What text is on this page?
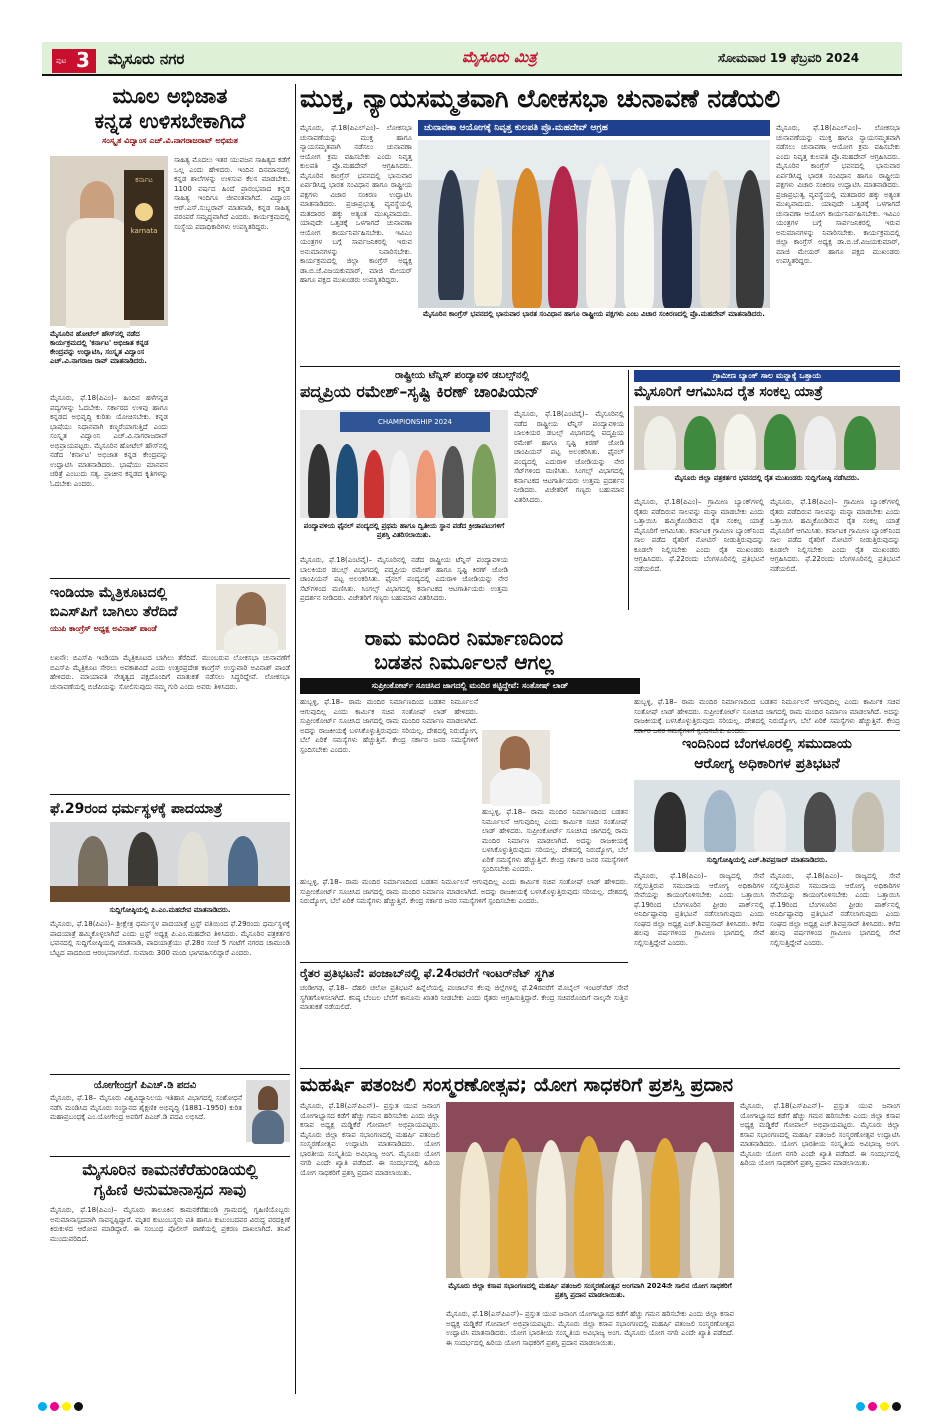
ಪುಟ 3 ಮೈಸೂರು ನಗರ	ಮೈಸೂರು ಮಿತ್ರ	ಸೋಮವಾರ 19 ಫೆಬ್ರವರಿ 2024
ಮೂಲ ಅಭಿಜಾತ
ಕನ್ನಡ ಉಳಿಸಬೇಕಾಗಿದೆ
ಸಂಸ್ಕೃತ ವಿದ್ವಾಂಸ ಎಚ್.ವಿ.ನಾಗರಾಜರಾವ್ ಅಭಿಮತ
ಕರ್ನಾಟ
karnata
ಮೈಸೂರಿನ ಹೋಟೆಲ್ ಹೌಸ್‌ನಲ್ಲಿ ನಡೆದ ಕಾರ್ಯಕ್ರಮದಲ್ಲಿ 'ಕರ್ನಾಟ' ಅಭಿಜಾತ ಕನ್ನಡ ಕೇಂದ್ರವನ್ನು ಉದ್ಘಾಟಿಸಿ, ಸಂಸ್ಕೃತ ವಿದ್ವಾಂಸ ಎಚ್.ವಿ.ನಾಗರಾಜ ರಾವ್ ಮಾತನಾಡಿದರು.
ಮೈಸೂರು, ಫೆ.18(ಪಿಎಂ)– ಹಿಂದಿನ ಹಳೆಗನ್ನಡ ಪದ್ಯಗಳನ್ನು ಓದಬೇಕು. ಸರ್ಕಾರದ ಉಳಿವು ಹಾಗೂ ಕನ್ನಡದ ಅಭಿವೃದ್ಧಿ ಕುರಿತು ಯೋಚಿಸಬೇಕು. ಕನ್ನಡ ಭಾಷೆಯು ನಿಧಾನವಾಗಿ ಕಣ್ಮರೆಯಾಗುತ್ತಿದೆ ಎಂದು ಸಂಸ್ಕೃತ ವಿದ್ವಾಂಸ ಎಚ್.ವಿ.ನಾಗರಾಜರಾವ್ ಅಭಿಪ್ರಾಯಪಟ್ಟರು. ಮೈಸೂರಿನ ಹೋಟೆಲ್ ಹೌಸ್‌ನಲ್ಲಿ ನಡೆದ 'ಕರ್ನಾಟ' ಅಭಿಜಾತ ಕನ್ನಡ ಕೇಂದ್ರವನ್ನು ಉದ್ಘಾಟಿಸಿ ಮಾತನಾಡಿದರು. ಭಾಷೆಯು ಮಾನವನ ಚರಿತ್ರೆ ಎಂಬುದು ಸತ್ಯ. ಪ್ರಾಚೀನ ಕನ್ನಡದ ಕೃತಿಗಳನ್ನು ಓದಬೇಕು ಎಂದರು.
ಸಾಹಿತ್ಯ ಮೊದಲು ಇತರ ಯುವಜನ ಸಾಹಿತ್ಯದ ಕಡೆಗೆ ಒಲ್ಲ ಎಂದು ಹೇಳಿದರು. ಇಂದಿನ ದಿನಮಾನದಲ್ಲಿ ಕನ್ನಡ ಶಾಲೆಗಳನ್ನು ಉಳಿಸುವ ಕೆಲಸ ಮಾಡಬೇಕು. 1100 ವರ್ಷದ ಹಿಂದೆ ಪ್ರಾರಂಭವಾದ ಕನ್ನಡ ಸಾಹಿತ್ಯ ಇಂದಿಗೂ ಜೀವಂತವಾಗಿದೆ. ವಿದ್ವಾಂಸ ಆರ್.ಎಸ್.ಸುಬ್ಬರಾವ್ ಮಾತನಾಡಿ, ಕನ್ನಡ ಸಾಹಿತ್ಯ ಪರಂಪರೆ ಸಮೃದ್ಧವಾಗಿದೆ ಎಂದರು. ಕಾರ್ಯಕ್ರಮದಲ್ಲಿ ಸಂಸ್ಥೆಯ ಪದಾಧಿಕಾರಿಗಳು ಉಪಸ್ಥಿತರಿದ್ದರು.
ಇಂಡಿಯಾ ಮೈತ್ರಿಕೂಟದಲ್ಲಿ
ಬಿಎಸ್‌ಪಿಗೆ ಬಾಗಿಲು ತೆರೆದಿದೆ
ಯುಪಿ ಕಾಂಗ್ರೆಸ್ ಅಧ್ಯಕ್ಷ ಅವಿನಾಶ್ ಪಾಂಡೆ
ಲಖನೌ: ಬಿಎಸ್‌ಪಿ ಇಂಡಿಯಾ ಮೈತ್ರಿಕೂಟದ ಬಾಗಿಲು ತೆರೆದಿದೆ. ಮುಂಬರುವ ಲೋಕಸಭಾ ಚುನಾವಣೆಗೆ ಬಿಎಸ್‌ಪಿ ಮೈತ್ರಿಕೂಟ ಸೇರಲು ಅವಕಾಶವಿದೆ ಎಂದು ಉತ್ತರಪ್ರದೇಶ ಕಾಂಗ್ರೆಸ್ ಉಸ್ತುವಾರಿ ಅವಿನಾಶ್ ಪಾಂಡೆ ಹೇಳಿದರು. ಮಾಯಾವತಿ ನೇತೃತ್ವದ ಪಕ್ಷದೊಂದಿಗೆ ಮಾತುಕತೆ ನಡೆಸಲು ಸಿದ್ಧರಿದ್ದೇವೆ. ಲೋಕಸಭಾ ಚುನಾವಣೆಯಲ್ಲಿ ಬಿಜೆಪಿಯನ್ನು ಸೋಲಿಸುವುದು ನಮ್ಮ ಗುರಿ ಎಂದು ಅವರು ತಿಳಿಸಿದರು.
ಫೆ.29ರಂದ ಧರ್ಮಸ್ಥಳಕ್ಕೆ ಪಾದಯಾತ್ರೆ
ಸುದ್ದಿಗೋಷ್ಠಿಯಲ್ಲಿ ಪಿ.ಎಂ.ಮಹದೇವ ಮಾತನಾಡಿದರು.
ಮೈಸೂರು, ಫೆ.18(ಪಿಎಂ)– ಶ್ರೀಕ್ಷೇತ್ರ ಧರ್ಮಸ್ಥಳ ಪಾದಯಾತ್ರೆ ಟ್ರಸ್ಟ್ ವತಿಯಿಂದ ಫೆ.29ರಂದು ಧರ್ಮಸ್ಥಳಕ್ಕೆ ಪಾದಯಾತ್ರೆ ಹಮ್ಮಿಕೊಳ್ಳಲಾಗಿದೆ ಎಂದು ಟ್ರಸ್ಟ್ ಅಧ್ಯಕ್ಷ ಪಿ.ಎಂ.ಮಹದೇವ ತಿಳಿಸಿದರು. ಮೈಸೂರಿನ ಪತ್ರಕರ್ತರ ಭವನದಲ್ಲಿ ಸುದ್ದಿಗೋಷ್ಠಿಯಲ್ಲಿ ಮಾತನಾಡಿ, ಪಾದಯಾತ್ರೆಯು ಫೆ.28ರ ಸಂಜೆ 5 ಗಂಟೆಗೆ ನಗರದ ಚಾಮುಂಡಿ ಬೆಟ್ಟದ ಪಾದದಿಂದ ಆರಂಭವಾಗಲಿದೆ. ಸುಮಾರು 300 ಮಂದಿ ಭಾಗವಹಿಸಲಿದ್ದಾರೆ ಎಂದರು.
ಯೋಗೇಂದ್ರಗೆ ಪಿಎಚ್.ಡಿ ಪದವಿ
ಮೈಸೂರು, ಫೆ.18– ಮೈಸೂರು ವಿಶ್ವವಿದ್ಯಾನಿಲಯ ಇತಿಹಾಸ ವಿಭಾಗದಲ್ಲಿ ಸಂಶೋಧನೆ ನಡೆಸಿ ಮಂಡಿಸಿದ ಮೈಸೂರು ಸಂಸ್ಥಾನದ ಶೈಕ್ಷಣಿಕ ಅಭಿವೃದ್ಧಿ (1881–1950) ಕುರಿತ ಮಹಾಪ್ರಬಂಧಕ್ಕೆ ಎಂ.ಯೋಗೇಂದ್ರ ಅವರಿಗೆ ಪಿಎಚ್.ಡಿ ಪದವಿ ಲಭಿಸಿದೆ.
ಮೈಸೂರಿನ ಕಾಮನಕೆರೆಹುಂಡಿಯಲ್ಲಿ
ಗೃಹಿಣಿ ಅನುಮಾನಾಸ್ಪದ ಸಾವು
ಮೈಸೂರು, ಫೆ.18(ಪಿಎಂ)– ಮೈಸೂರು ತಾಲೂಕಿನ ಕಾಮನಕೆರೆಹುಂಡಿ ಗ್ರಾಮದಲ್ಲಿ ಗೃಹಿಣಿಯೊಬ್ಬರು ಅನುಮಾನಾಸ್ಪದವಾಗಿ ಸಾವನ್ನಪ್ಪಿದ್ದಾರೆ. ಮೃತರ ಕುಟುಂಬಸ್ಥರು ಪತಿ ಹಾಗೂ ಕುಟುಂಬದವರ ವಿರುದ್ಧ ವರದಕ್ಷಿಣೆ ಕಿರುಕುಳದ ಆರೋಪ ಮಾಡಿದ್ದಾರೆ. ಈ ಸಂಬಂಧ ಪೊಲೀಸ್ ಠಾಣೆಯಲ್ಲಿ ಪ್ರಕರಣ ದಾಖಲಾಗಿದೆ. ತನಿಖೆ ಮುಂದುವರಿದಿದೆ.
ಮುಕ್ತ, ನ್ಯಾಯಸಮ್ಮತವಾಗಿ ಲೋಕಸಭಾ ಚುನಾವಣೆ ನಡೆಯಲಿ
ಚುನಾವಣಾ ಆಯೋಗಕ್ಕೆ ನಿವೃತ್ತ ಕುಲಪತಿ ಪ್ರೊ.ಮಹದೇವ್ ಆಗ್ರಹ
ಮೈಸೂರು, ಫೆ.18(ಪಿಎಲ್‌ಎಂ)– ಲೋಕಸಭಾ ಚುನಾವಣೆಯನ್ನು ಮುಕ್ತ ಹಾಗೂ ನ್ಯಾಯಸಮ್ಮತವಾಗಿ ನಡೆಸಲು ಚುನಾವಣಾ ಆಯೋಗ ಕ್ರಮ ವಹಿಸಬೇಕು ಎಂದು ನಿವೃತ್ತ ಕುಲಪತಿ ಪ್ರೊ.ಮಹದೇವ್ ಆಗ್ರಹಿಸಿದರು. ಮೈಸೂರಿನ ಕಾಂಗ್ರೆಸ್ ಭವನದಲ್ಲಿ ಭಾನುವಾರ ಏರ್ಪಡಿಸಿದ್ದ ಭಾರತ ಸಂವಿಧಾನ ಹಾಗೂ ರಾಷ್ಟ್ರೀಯ ಪಕ್ಷಗಳು ವಿಚಾರ ಸಂಕಿರಣ ಉದ್ಘಾಟಿಸಿ ಮಾತನಾಡಿದರು. ಪ್ರಜಾಪ್ರಭುತ್ವ ವ್ಯವಸ್ಥೆಯಲ್ಲಿ ಮತದಾರರ ಹಕ್ಕು ಅತ್ಯಂತ ಮುಖ್ಯವಾದುದು. ಯಾವುದೇ ಒತ್ತಡಕ್ಕೆ ಒಳಗಾಗದೆ ಚುನಾವಣಾ ಆಯೋಗ ಕಾರ್ಯನಿರ್ವಹಿಸಬೇಕು. ಇವಿಎಂ ಯಂತ್ರಗಳ ಬಗ್ಗೆ ಸಾರ್ವಜನಿಕರಲ್ಲಿ ಇರುವ ಅನುಮಾನಗಳನ್ನು ನಿವಾರಿಸಬೇಕು. ಕಾರ್ಯಕ್ರಮದಲ್ಲಿ ಜಿಲ್ಲಾ ಕಾಂಗ್ರೆಸ್ ಅಧ್ಯಕ್ಷ ಡಾ.ಬಿ.ಜೆ.ವಿಜಯಕುಮಾರ್, ಮಾಜಿ ಮೇಯರ್ ಹಾಗೂ ಪಕ್ಷದ ಮುಖಂಡರು ಉಪಸ್ಥಿತರಿದ್ದರು.
ಮೈಸೂರಿನ ಕಾಂಗ್ರೆಸ್ ಭವನದಲ್ಲಿ ಭಾನುವಾರ ಭಾರತ ಸಂವಿಧಾನ ಹಾಗೂ ರಾಷ್ಟ್ರೀಯ ಪಕ್ಷಗಳು ಎಂಬ ವಿಚಾರ ಸಂಕಿರಣದಲ್ಲಿ ಪ್ರೊ.ಮಹದೇವ್ ಮಾತನಾಡಿದರು.
ಮೈಸೂರು, ಫೆ.18(ಪಿಎಲ್‌ಎಂ)– ಲೋಕಸಭಾ ಚುನಾವಣೆಯನ್ನು ಮುಕ್ತ ಹಾಗೂ ನ್ಯಾಯಸಮ್ಮತವಾಗಿ ನಡೆಸಲು ಚುನಾವಣಾ ಆಯೋಗ ಕ್ರಮ ವಹಿಸಬೇಕು ಎಂದು ನಿವೃತ್ತ ಕುಲಪತಿ ಪ್ರೊ.ಮಹದೇವ್ ಆಗ್ರಹಿಸಿದರು. ಮೈಸೂರಿನ ಕಾಂಗ್ರೆಸ್ ಭವನದಲ್ಲಿ ಭಾನುವಾರ ಏರ್ಪಡಿಸಿದ್ದ ಭಾರತ ಸಂವಿಧಾನ ಹಾಗೂ ರಾಷ್ಟ್ರೀಯ ಪಕ್ಷಗಳು ವಿಚಾರ ಸಂಕಿರಣ ಉದ್ಘಾಟಿಸಿ ಮಾತನಾಡಿದರು. ಪ್ರಜಾಪ್ರಭುತ್ವ ವ್ಯವಸ್ಥೆಯಲ್ಲಿ ಮತದಾರರ ಹಕ್ಕು ಅತ್ಯಂತ ಮುಖ್ಯವಾದುದು. ಯಾವುದೇ ಒತ್ತಡಕ್ಕೆ ಒಳಗಾಗದೆ ಚುನಾವಣಾ ಆಯೋಗ ಕಾರ್ಯನಿರ್ವಹಿಸಬೇಕು. ಇವಿಎಂ ಯಂತ್ರಗಳ ಬಗ್ಗೆ ಸಾರ್ವಜನಿಕರಲ್ಲಿ ಇರುವ ಅನುಮಾನಗಳನ್ನು ನಿವಾರಿಸಬೇಕು. ಕಾರ್ಯಕ್ರಮದಲ್ಲಿ ಜಿಲ್ಲಾ ಕಾಂಗ್ರೆಸ್ ಅಧ್ಯಕ್ಷ ಡಾ.ಬಿ.ಜೆ.ವಿಜಯಕುಮಾರ್, ಮಾಜಿ ಮೇಯರ್ ಹಾಗೂ ಪಕ್ಷದ ಮುಖಂಡರು ಉಪಸ್ಥಿತರಿದ್ದರು.
ರಾಷ್ಟ್ರೀಯ ಟೆನ್ನಿಸ್ ಪಂದ್ಯಾವಳಿ ಡಬಲ್ಸ್‌ನಲ್ಲಿ
ಪದ್ಮಪ್ರಿಯ ರಮೇಶ್–ಸೃಷ್ಟಿ ಕಿರಣ್ ಚಾಂಪಿಯನ್
CHAMPIONSHIP 2024
ಪಂದ್ಯಾವಳಿಯ ಫೈನಲ್ ಪಂದ್ಯದಲ್ಲಿ ಪ್ರಥಮ ಹಾಗೂ ದ್ವಿತೀಯ ಸ್ಥಾನ ಪಡೆದ ಕ್ರೀಡಾಪಟುಗಳಿಗೆ ಪ್ರಶಸ್ತಿ ವಿತರಿಸಲಾಯಿತು.
ಮೈಸೂರು, ಫೆ.18(ಎಂಟಿವೈ)– ಮೈಸೂರಿನಲ್ಲಿ ನಡೆದ ರಾಷ್ಟ್ರೀಯ ಟೆನ್ನಿಸ್ ಪಂದ್ಯಾವಳಿಯ ಬಾಲಕಿಯರ ಡಬಲ್ಸ್ ವಿಭಾಗದಲ್ಲಿ ಪದ್ಮಪ್ರಿಯ ರಮೇಶ್ ಹಾಗೂ ಸೃಷ್ಟಿ ಕಿರಣ್ ಜೋಡಿ ಚಾಂಪಿಯನ್ ಪಟ್ಟ ಅಲಂಕರಿಸಿತು. ಫೈನಲ್ ಪಂದ್ಯದಲ್ಲಿ ಎದುರಾಳಿ ಜೋಡಿಯನ್ನು ನೇರ ಸೆಟ್‌ಗಳಿಂದ ಮಣಿಸಿತು. ಸಿಂಗಲ್ಸ್ ವಿಭಾಗದಲ್ಲಿ ಕರ್ನಾಟಕದ ಆಟಗಾರ್ತಿಯರು ಉತ್ತಮ ಪ್ರದರ್ಶನ ನೀಡಿದರು. ವಿಜೇತರಿಗೆ ಗಣ್ಯರು ಬಹುಮಾನ ವಿತರಿಸಿದರು.
ಮೈಸೂರು, ಫೆ.18(ಎಂಟಿವೈ)– ಮೈಸೂರಿನಲ್ಲಿ ನಡೆದ ರಾಷ್ಟ್ರೀಯ ಟೆನ್ನಿಸ್ ಪಂದ್ಯಾವಳಿಯ ಬಾಲಕಿಯರ ಡಬಲ್ಸ್ ವಿಭಾಗದಲ್ಲಿ ಪದ್ಮಪ್ರಿಯ ರಮೇಶ್ ಹಾಗೂ ಸೃಷ್ಟಿ ಕಿರಣ್ ಜೋಡಿ ಚಾಂಪಿಯನ್ ಪಟ್ಟ ಅಲಂಕರಿಸಿತು. ಫೈನಲ್ ಪಂದ್ಯದಲ್ಲಿ ಎದುರಾಳಿ ಜೋಡಿಯನ್ನು ನೇರ ಸೆಟ್‌ಗಳಿಂದ ಮಣಿಸಿತು. ಸಿಂಗಲ್ಸ್ ವಿಭಾಗದಲ್ಲಿ ಕರ್ನಾಟಕದ ಆಟಗಾರ್ತಿಯರು ಉತ್ತಮ ಪ್ರದರ್ಶನ ನೀಡಿದರು. ವಿಜೇತರಿಗೆ ಗಣ್ಯರು ಬಹುಮಾನ ವಿತರಿಸಿದರು.
ಗ್ರಾಮೀಣ ಬ್ಯಾಂಕ್ ಸಾಲ ಮನ್ನಾಕ್ಕೆ ಒತ್ತಾಯ
ಮೈಸೂರಿಗೆ ಆಗಮಿಸಿದ ರೈತ ಸಂಕಲ್ಪ ಯಾತ್ರೆ
ಮೈಸೂರು ಜಿಲ್ಲಾ ಪತ್ರಕರ್ತರ ಭವನದಲ್ಲಿ ರೈತ ಮುಖಂಡರು ಸುದ್ದಿಗೋಷ್ಠಿ ನಡೆಸಿದರು.
ಮೈಸೂರು, ಫೆ.18(ಪಿಎಂ)– ಗ್ರಾಮೀಣ ಬ್ಯಾಂಕ್‌ಗಳಲ್ಲಿ ರೈತರು ಪಡೆದಿರುವ ಸಾಲವನ್ನು ಮನ್ನಾ ಮಾಡಬೇಕು ಎಂದು ಒತ್ತಾಯಿಸಿ ಹಮ್ಮಿಕೊಂಡಿರುವ ರೈತ ಸಂಕಲ್ಪ ಯಾತ್ರೆ ಮೈಸೂರಿಗೆ ಆಗಮಿಸಿತು. ಕರ್ನಾಟಕ ಗ್ರಾಮೀಣ ಬ್ಯಾಂಕ್‌ನಿಂದ ಸಾಲ ಪಡೆದ ರೈತರಿಗೆ ನೋಟಿಸ್ ನೀಡುತ್ತಿರುವುದನ್ನು ಕೂಡಲೇ ನಿಲ್ಲಿಸಬೇಕು ಎಂದು ರೈತ ಮುಖಂಡರು ಆಗ್ರಹಿಸಿದರು. ಫೆ.22ರಂದು ಬೆಂಗಳೂರಿನಲ್ಲಿ ಪ್ರತಿಭಟನೆ ನಡೆಯಲಿದೆ.
ಮೈಸೂರು, ಫೆ.18(ಪಿಎಂ)– ಗ್ರಾಮೀಣ ಬ್ಯಾಂಕ್‌ಗಳಲ್ಲಿ ರೈತರು ಪಡೆದಿರುವ ಸಾಲವನ್ನು ಮನ್ನಾ ಮಾಡಬೇಕು ಎಂದು ಒತ್ತಾಯಿಸಿ ಹಮ್ಮಿಕೊಂಡಿರುವ ರೈತ ಸಂಕಲ್ಪ ಯಾತ್ರೆ ಮೈಸೂರಿಗೆ ಆಗಮಿಸಿತು. ಕರ್ನಾಟಕ ಗ್ರಾಮೀಣ ಬ್ಯಾಂಕ್‌ನಿಂದ ಸಾಲ ಪಡೆದ ರೈತರಿಗೆ ನೋಟಿಸ್ ನೀಡುತ್ತಿರುವುದನ್ನು ಕೂಡಲೇ ನಿಲ್ಲಿಸಬೇಕು ಎಂದು ರೈತ ಮುಖಂಡರು ಆಗ್ರಹಿಸಿದರು. ಫೆ.22ರಂದು ಬೆಂಗಳೂರಿನಲ್ಲಿ ಪ್ರತಿಭಟನೆ ನಡೆಯಲಿದೆ.
ರಾಮ ಮಂದಿರ ನಿರ್ಮಾಣದಿಂದ
ಬಡತನ ನಿರ್ಮೂಲನೆ ಆಗಲ್ಲ
ಸುಪ್ರೀಂಕೋರ್ಟ್ ಸೂಚಿಸಿದ ಜಾಗದಲ್ಲಿ ಮಂದಿರ ಕಟ್ಟಿದ್ದೇವೆ: ಸಂತೋಷ್ ಲಾಡ್
ಹುಬ್ಬಳ್ಳಿ, ಫೆ.18– ರಾಮ ಮಂದಿರ ನಿರ್ಮಾಣದಿಂದ ಬಡತನ ನಿರ್ಮೂಲನೆ ಆಗುವುದಿಲ್ಲ ಎಂದು ಕಾರ್ಮಿಕ ಸಚಿವ ಸಂತೋಷ್ ಲಾಡ್ ಹೇಳಿದರು. ಸುಪ್ರೀಂಕೋರ್ಟ್ ಸೂಚಿಸಿದ ಜಾಗದಲ್ಲಿ ರಾಮ ಮಂದಿರ ನಿರ್ಮಾಣ ಮಾಡಲಾಗಿದೆ. ಅದನ್ನು ರಾಜಕೀಯಕ್ಕೆ ಬಳಸಿಕೊಳ್ಳುತ್ತಿರುವುದು ಸರಿಯಲ್ಲ. ದೇಶದಲ್ಲಿ ನಿರುದ್ಯೋಗ, ಬೆಲೆ ಏರಿಕೆ ಸಮಸ್ಯೆಗಳು ಹೆಚ್ಚುತ್ತಿವೆ. ಕೇಂದ್ರ ಸರ್ಕಾರ ಜನರ ಸಮಸ್ಯೆಗಳಿಗೆ ಸ್ಪಂದಿಸಬೇಕು ಎಂದರು.
ಹುಬ್ಬಳ್ಳಿ, ಫೆ.18– ರಾಮ ಮಂದಿರ ನಿರ್ಮಾಣದಿಂದ ಬಡತನ ನಿರ್ಮೂಲನೆ ಆಗುವುದಿಲ್ಲ ಎಂದು ಕಾರ್ಮಿಕ ಸಚಿವ ಸಂತೋಷ್ ಲಾಡ್ ಹೇಳಿದರು. ಸುಪ್ರೀಂಕೋರ್ಟ್ ಸೂಚಿಸಿದ ಜಾಗದಲ್ಲಿ ರಾಮ ಮಂದಿರ ನಿರ್ಮಾಣ ಮಾಡಲಾಗಿದೆ. ಅದನ್ನು ರಾಜಕೀಯಕ್ಕೆ ಬಳಸಿಕೊಳ್ಳುತ್ತಿರುವುದು ಸರಿಯಲ್ಲ. ದೇಶದಲ್ಲಿ ನಿರುದ್ಯೋಗ, ಬೆಲೆ ಏರಿಕೆ ಸಮಸ್ಯೆಗಳು ಹೆಚ್ಚುತ್ತಿವೆ. ಕೇಂದ್ರ ಸರ್ಕಾರ ಜನರ ಸಮಸ್ಯೆಗಳಿಗೆ ಸ್ಪಂದಿಸಬೇಕು ಎಂದರು.
ಹುಬ್ಬಳ್ಳಿ, ಫೆ.18– ರಾಮ ಮಂದಿರ ನಿರ್ಮಾಣದಿಂದ ಬಡತನ ನಿರ್ಮೂಲನೆ ಆಗುವುದಿಲ್ಲ ಎಂದು ಕಾರ್ಮಿಕ ಸಚಿವ ಸಂತೋಷ್ ಲಾಡ್ ಹೇಳಿದರು. ಸುಪ್ರೀಂಕೋರ್ಟ್ ಸೂಚಿಸಿದ ಜಾಗದಲ್ಲಿ ರಾಮ ಮಂದಿರ ನಿರ್ಮಾಣ ಮಾಡಲಾಗಿದೆ. ಅದನ್ನು ರಾಜಕೀಯಕ್ಕೆ ಬಳಸಿಕೊಳ್ಳುತ್ತಿರುವುದು ಸರಿಯಲ್ಲ. ದೇಶದಲ್ಲಿ ನಿರುದ್ಯೋಗ, ಬೆಲೆ ಏರಿಕೆ ಸಮಸ್ಯೆಗಳು ಹೆಚ್ಚುತ್ತಿವೆ. ಕೇಂದ್ರ ಸರ್ಕಾರ ಜನರ ಸಮಸ್ಯೆಗಳಿಗೆ ಸ್ಪಂದಿಸಬೇಕು ಎಂದರು.
ಹುಬ್ಬಳ್ಳಿ, ಫೆ.18– ರಾಮ ಮಂದಿರ ನಿರ್ಮಾಣದಿಂದ ಬಡತನ ನಿರ್ಮೂಲನೆ ಆಗುವುದಿಲ್ಲ ಎಂದು ಕಾರ್ಮಿಕ ಸಚಿವ ಸಂತೋಷ್ ಲಾಡ್ ಹೇಳಿದರು. ಸುಪ್ರೀಂಕೋರ್ಟ್ ಸೂಚಿಸಿದ ಜಾಗದಲ್ಲಿ ರಾಮ ಮಂದಿರ ನಿರ್ಮಾಣ ಮಾಡಲಾಗಿದೆ. ಅದನ್ನು ರಾಜಕೀಯಕ್ಕೆ ಬಳಸಿಕೊಳ್ಳುತ್ತಿರುವುದು ಸರಿಯಲ್ಲ. ದೇಶದಲ್ಲಿ ನಿರುದ್ಯೋಗ, ಬೆಲೆ ಏರಿಕೆ ಸಮಸ್ಯೆಗಳು ಹೆಚ್ಚುತ್ತಿವೆ. ಕೇಂದ್ರ
ಇಂದಿನಿಂದ ಬೆಂಗಳೂರಲ್ಲಿ ಸಮುದಾಯ
ಆರೋಗ್ಯ ಅಧಿಕಾರಿಗಳ ಪ್ರತಿಭಟನೆ
ಸುದ್ದಿಗೋಷ್ಠಿಯಲ್ಲಿ ಎಚ್.ಶಿವಪ್ರಸಾದ್ ಮಾತನಾಡಿದರು.
ಮೈಸೂರು, ಫೆ.18(ಪಿಎಂ)– ರಾಜ್ಯದಲ್ಲಿ ಸೇವೆ ಸಲ್ಲಿಸುತ್ತಿರುವ ಸಮುದಾಯ ಆರೋಗ್ಯ ಅಧಿಕಾರಿಗಳ ಸೇವೆಯನ್ನು ಕಾಯಂಗೊಳಿಸಬೇಕು ಎಂದು ಒತ್ತಾಯಿಸಿ ಫೆ.19ರಿಂದ ಬೆಂಗಳೂರಿನ ಫ್ರೀಡಂ ಪಾರ್ಕ್‌ನಲ್ಲಿ ಅನಿರ್ದಿಷ್ಟಾವಧಿ ಪ್ರತಿಭಟನೆ ನಡೆಸಲಾಗುವುದು ಎಂದು ಸಂಘದ ಜಿಲ್ಲಾ ಅಧ್ಯಕ್ಷ ಎಚ್.ಶಿವಪ್ರಸಾದ್ ತಿಳಿಸಿದರು. ಕಳೆದ ಹಲವು ವರ್ಷಗಳಿಂದ ಗ್ರಾಮೀಣ ಭಾಗದಲ್ಲಿ ಸೇವೆ ಸಲ್ಲಿಸುತ್ತಿದ್ದೇವೆ ಎಂದರು.
ಮೈಸೂರು, ಫೆ.18(ಪಿಎಂ)– ರಾಜ್ಯದಲ್ಲಿ ಸೇವೆ ಸಲ್ಲಿಸುತ್ತಿರುವ ಸಮುದಾಯ ಆರೋಗ್ಯ ಅಧಿಕಾರಿಗಳ ಸೇವೆಯನ್ನು ಕಾಯಂಗೊಳಿಸಬೇಕು ಎಂದು ಒತ್ತಾಯಿಸಿ ಫೆ.19ರಿಂದ ಬೆಂಗಳೂರಿನ ಫ್ರೀಡಂ ಪಾರ್ಕ್‌ನಲ್ಲಿ ಅನಿರ್ದಿಷ್ಟಾವಧಿ ಪ್ರತಿಭಟನೆ ನಡೆಸಲಾಗುವುದು ಎಂದು ಸಂಘದ ಜಿಲ್ಲಾ ಅಧ್ಯಕ್ಷ ಎಚ್.ಶಿವಪ್ರಸಾದ್ ತಿಳಿಸಿದರು. ಕಳೆದ ಹಲವು ವರ್ಷಗಳಿಂದ ಗ್ರಾಮೀಣ ಭಾಗದಲ್ಲಿ ಸೇವೆ ಸಲ್ಲಿಸುತ್ತಿದ್ದೇವೆ ಎಂದರು.
ರೈತರ ಪ್ರತಿಭಟನೆ: ಪಂಜಾಬ್‌ನಲ್ಲಿ ಫೆ.24ರವರೆಗೆ ಇಂಟರ್‌ನೆಟ್ ಸ್ಥಗಿತ
ಚಂಡೀಗಢ, ಫೆ.18– ದೆಹಲಿ ಚಲೋ ಪ್ರತಿಭಟನೆ ಹಿನ್ನೆಲೆಯಲ್ಲಿ ಪಂಜಾಬ್‌ನ ಕೆಲವು ಜಿಲ್ಲೆಗಳಲ್ಲಿ ಫೆ.24ರವರೆಗೆ ಮೊಬೈಲ್ ಇಂಟರ್‌ನೆಟ್ ಸೇವೆ ಸ್ಥಗಿತಗೊಳಿಸಲಾಗಿದೆ. ಕನಿಷ್ಠ ಬೆಂಬಲ ಬೆಲೆಗೆ ಕಾನೂನು ಖಾತರಿ ನೀಡಬೇಕು ಎಂದು ರೈತರು ಆಗ್ರಹಿಸುತ್ತಿದ್ದಾರೆ. ಕೇಂದ್ರ ಸಚಿವರೊಂದಿಗೆ ನಾಲ್ಕನೇ ಸುತ್ತಿನ ಮಾತುಕತೆ ನಡೆಯಲಿದೆ.
ಮಹರ್ಷಿ ಪತಂಜಲಿ ಸಂಸ್ಮರಣೋತ್ಸವ; ಯೋಗ ಸಾಧಕರಿಗೆ ಪ್ರಶಸ್ತಿ ಪ್ರದಾನ
ಮೈಸೂರು, ಫೆ.18(ಎಸ್‌ಪಿಎನ್)– ಪ್ರಸ್ತುತ ಯುವ ಜನಾಂಗ ಯೋಗಾಭ್ಯಾಸದ ಕಡೆಗೆ ಹೆಚ್ಚು ಗಮನ ಹರಿಸಬೇಕು ಎಂದು ಜಿಲ್ಲಾ ಕಸಾಪ ಅಧ್ಯಕ್ಷ ಮಡ್ಡಿಕೆರೆ ಗೋಪಾಲ್ ಅಭಿಪ್ರಾಯಪಟ್ಟರು. ಮೈಸೂರು ಜಿಲ್ಲಾ ಕಸಾಪ ಸಭಾಂಗಣದಲ್ಲಿ ಮಹರ್ಷಿ ಪತಂಜಲಿ ಸಂಸ್ಮರಣೋತ್ಸವ ಉದ್ಘಾಟಿಸಿ ಮಾತನಾಡಿದರು. ಯೋಗ ಭಾರತೀಯ ಸಂಸ್ಕೃತಿಯ ಅವಿಭಾಜ್ಯ ಅಂಗ. ಮೈಸೂರು ಯೋಗ ನಗರಿ ಎಂದೇ ಖ್ಯಾತಿ ಪಡೆದಿದೆ. ಈ ಸಂದರ್ಭದಲ್ಲಿ ಹಿರಿಯ ಯೋಗ ಸಾಧಕರಿಗೆ ಪ್ರಶಸ್ತಿ ಪ್ರದಾನ ಮಾಡಲಾಯಿತು.
ಮೈಸೂರು ಜಿಲ್ಲಾ ಕಸಾಪ ಸಭಾಂಗಣದಲ್ಲಿ ಮಹರ್ಷಿ ಪತಂಜಲಿ ಸಂಸ್ಮರಣೋತ್ಸವ ಅಂಗವಾಗಿ 2024ನೇ ಸಾಲಿನ ಯೋಗ ಸಾಧಕರಿಗೆ ಪ್ರಶಸ್ತಿ ಪ್ರದಾನ ಮಾಡಲಾಯಿತು.
ಮೈಸೂರು, ಫೆ.18(ಎಸ್‌ಪಿಎನ್)– ಪ್ರಸ್ತುತ ಯುವ ಜನಾಂಗ ಯೋಗಾಭ್ಯಾಸದ ಕಡೆಗೆ ಹೆಚ್ಚು ಗಮನ ಹರಿಸಬೇಕು ಎಂದು ಜಿಲ್ಲಾ ಕಸಾಪ ಅಧ್ಯಕ್ಷ ಮಡ್ಡಿಕೆರೆ ಗೋಪಾಲ್ ಅಭಿಪ್ರಾಯಪಟ್ಟರು. ಮೈಸೂರು ಜಿಲ್ಲಾ ಕಸಾಪ ಸಭಾಂಗಣದಲ್ಲಿ ಮಹರ್ಷಿ ಪತಂಜಲಿ ಸಂಸ್ಮರಣೋತ್ಸವ ಉದ್ಘಾಟಿಸಿ ಮಾತನಾಡಿದರು. ಯೋಗ ಭಾರತೀಯ ಸಂಸ್ಕೃತಿಯ ಅವಿಭಾಜ್ಯ ಅಂಗ. ಮೈಸೂರು ಯೋಗ ನಗರಿ ಎಂದೇ ಖ್ಯಾತಿ ಪಡೆದಿದೆ. ಈ ಸಂದರ್ಭದಲ್ಲಿ ಹಿರಿಯ ಯೋಗ ಸಾಧಕರಿಗೆ ಪ್ರಶಸ್ತಿ ಪ್ರದಾನ ಮಾಡಲಾಯಿತು.
ಮೈಸೂರು, ಫೆ.18(ಎಸ್‌ಪಿಎನ್)– ಪ್ರಸ್ತುತ ಯುವ ಜನಾಂಗ ಯೋಗಾಭ್ಯಾಸದ ಕಡೆಗೆ ಹೆಚ್ಚು ಗಮನ ಹರಿಸಬೇಕು ಎಂದು ಜಿಲ್ಲಾ ಕಸಾಪ ಅಧ್ಯಕ್ಷ ಮಡ್ಡಿಕೆರೆ ಗೋಪಾಲ್ ಅಭಿಪ್ರಾಯಪಟ್ಟರು. ಮೈಸೂರು ಜಿಲ್ಲಾ ಕಸಾಪ ಸಭಾಂಗಣದಲ್ಲಿ ಮಹರ್ಷಿ ಪತಂಜಲಿ ಸಂಸ್ಮರಣೋತ್ಸವ ಉದ್ಘಾಟಿಸಿ ಮಾತನಾಡಿದರು. ಯೋಗ ಭಾರತೀಯ ಸಂಸ್ಕೃತಿಯ ಅವಿಭಾಜ್ಯ ಅಂಗ. ಮೈಸೂರು ಯೋಗ ನಗರಿ ಎಂದೇ ಖ್ಯಾತಿ ಪಡೆದಿದೆ. ಈ ಸಂದರ್ಭದಲ್ಲಿ ಹಿರಿಯ ಯೋಗ ಸಾಧಕರಿಗೆ ಪ್ರಶಸ್ತಿ ಪ್ರದಾನ ಮಾಡಲಾಯಿತು.
